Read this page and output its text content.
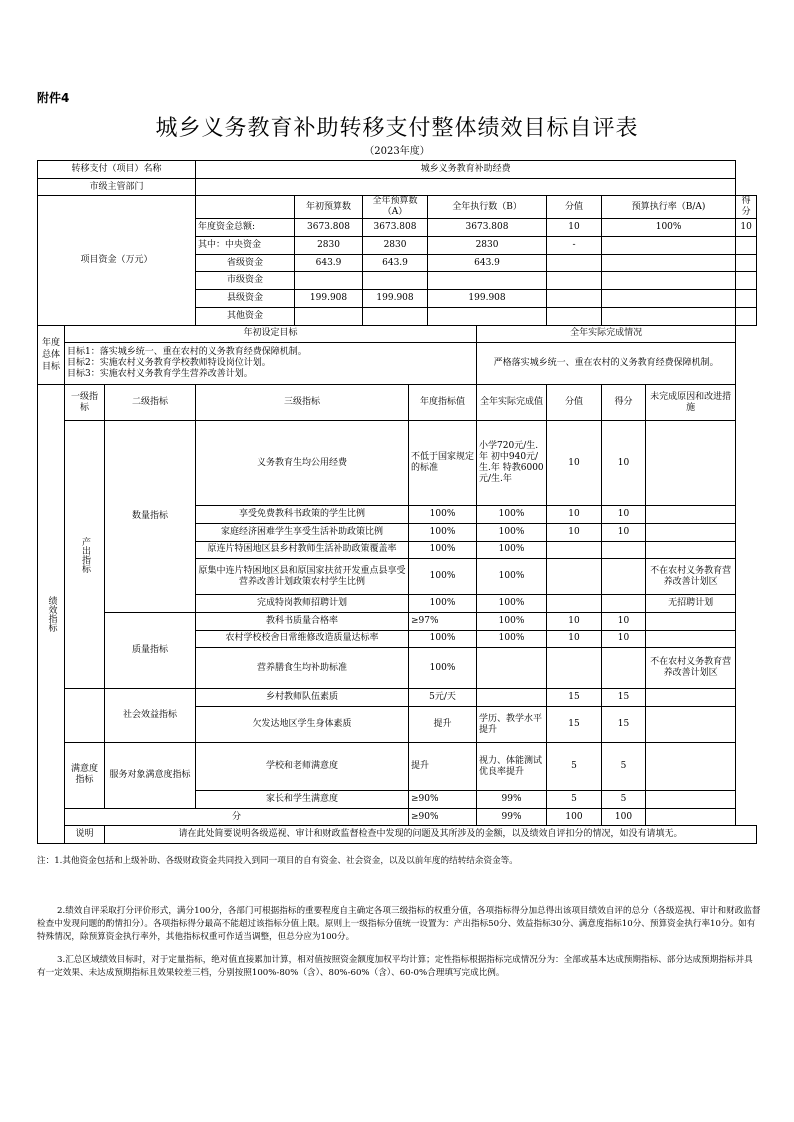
附件4
城乡义务教育补助转移支付整体绩效目标自评表
（2023年度）
转移支付（项目）名称			城乡义务教育补助经费									
市级主管部门												
项目资金（万元）				年初预算数	全年预算数（A）		全年执行数（B）		分值	预算执行率（B/A)		得分
			年度资金总额:	3673.808	3673.808		3673.808		10	100%		10
			其中：中央资金	2830	2830		2830		-			
			省级资金	643.9	643.9		643.9					
			市级资金									
			县级资金	199.908	199.908		199.908					
			其他资金									
年度总体目标	年初设定目标							全年实际完成情况				

	目标1：落实城乡统一、重在农村的义务教育经费保障机制。
目标2：实施农村义务教育学校教师特设岗位计划。
目标3：实施农村义务教育学生营养改善计划。							严格落实城乡统一、重在农村的义务教育经费保障机制。				
绩效指标	一级指标	二级指标	三级指标			年度指标值		全年实际完成值	分值	得分	未完成原因和改进措施	
	产出指标	数量指标	义务教育生均公用经费			不低于国家规定的标准		小学720元/生.年 初中940元/生.年 特教6000元/生.年	10	10		
			享受免费教科书政策的学生比例			100%		100%	10	10		
			家庭经济困难学生享受生活补助政策比例			100%		100%	10	10		
			原连片特困地区县乡村教师生活补助政策覆盖率			100%		100%				
			原集中连片特困地区县和原国家扶贫开发重点县享受营养改善计划政策农村学生比例			100%		100%			不在农村义务教育营养改善计划区	
			完成特岗教师招聘计划			100%		100%			无招聘计划	
		质量指标	教科书质量合格率			≥97%		100%	10	10		
			农村学校校舍日常维修改造质量达标率			100%		100%	10	10		
			营养膳食生均补助标准			100%					不在农村义务教育营养改善计划区	
		社会效益指标	乡村教师队伍素质			5元/天			15	15		
			欠发达地区学生身体素质			提升		学历、教学水平提升	15	15		
	满意度指标	服务对象满意度指标	学校和老师满意度			提升		视力、体能测试优良率提升	5	5		
			家长和学生满意度			≥90%		99%	5	5		
	分					≥90%		99%	100	100		
	说明	请在此处简要说明各级巡视、审计和财政监督检查中发现的问题及其所涉及的金额，以及绩效自评扣分的情况，如没有请填无。										
注：1.其他资金包括和上级补助、各级财政资金共同投入到同一项目的自有资金、社会资金，以及以前年度的结转结余资金等。
2.绩效自评采取打分评价形式，满分100分，各部门可根据指标的重要程度自主确定各项三级指标的权重分值，各项指标得分加总得出该项目绩效自评的总分（各级巡视、审计和财政监督检查中发现问题的酌情扣分）。各项指标得分最高不能超过该指标分值上限。原则上一级指标分值统一设置为：产出指标50分、效益指标30分、满意度指标10分、预算资金执行率10分。如有特殊情况，除预算资金执行率外，其他指标权重可作适当调整，但总分应为100分。
3.汇总区域绩效目标时，对于定量指标，绝对值直接累加计算，相对值按照资金额度加权平均计算；定性指标根据指标完成情况分为：全部或基本达成预期指标、部分达成预期指标并具有一定效果、未达成预期指标且效果较差三档，分别按照100%-80%（含）、80%-60%（含）、60-0%合理填写完成比例。
